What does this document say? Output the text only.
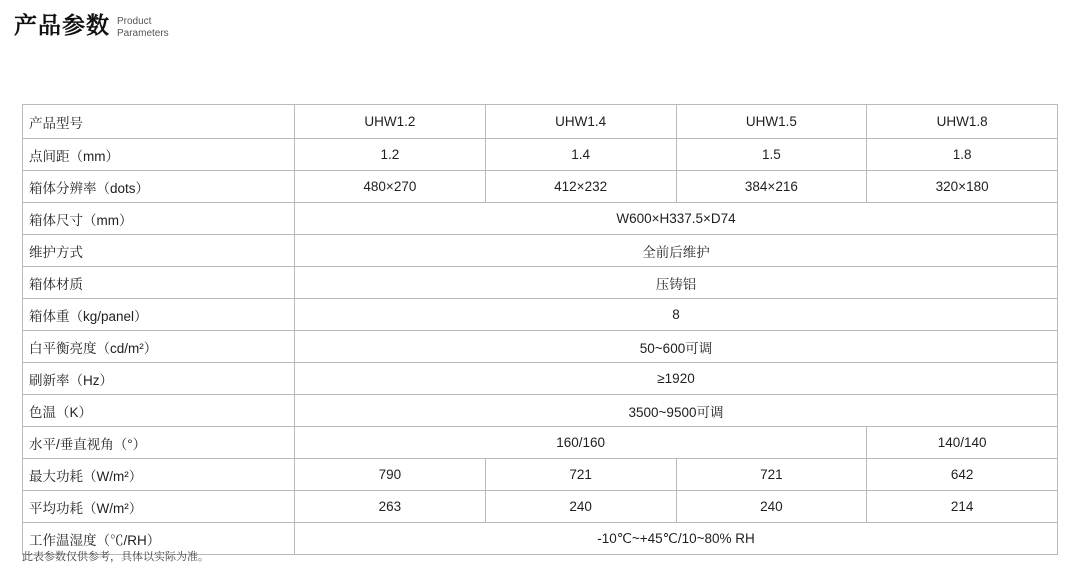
产品参数 Product
Parameters
产品型号	UHW1.2	UHW1.4	UHW1.5	UHW1.8
点间距（mm）	1.2	1.4	1.5	1.8
箱体分辨率（dots）	480×270	412×232	384×216	320×180
箱体尺寸（mm）	W600×H337.5×D74			
维护方式	全前后维护			
箱体材质	压铸铝			
箱体重（kg/panel）	8			
白平衡亮度（cd/m²）	50~600可调			
刷新率（Hz）	≥1920			
色温（K）	3500~9500可调			
水平/垂直视角（°）	160/160			140/140
最大功耗（W/m²）	790	721	721	642
平均功耗（W/m²）	263	240	240	214
工作温湿度（℃/RH）	-10℃~+45℃/10~80% RH			
此表参数仅供参考，具体以实际为准。
